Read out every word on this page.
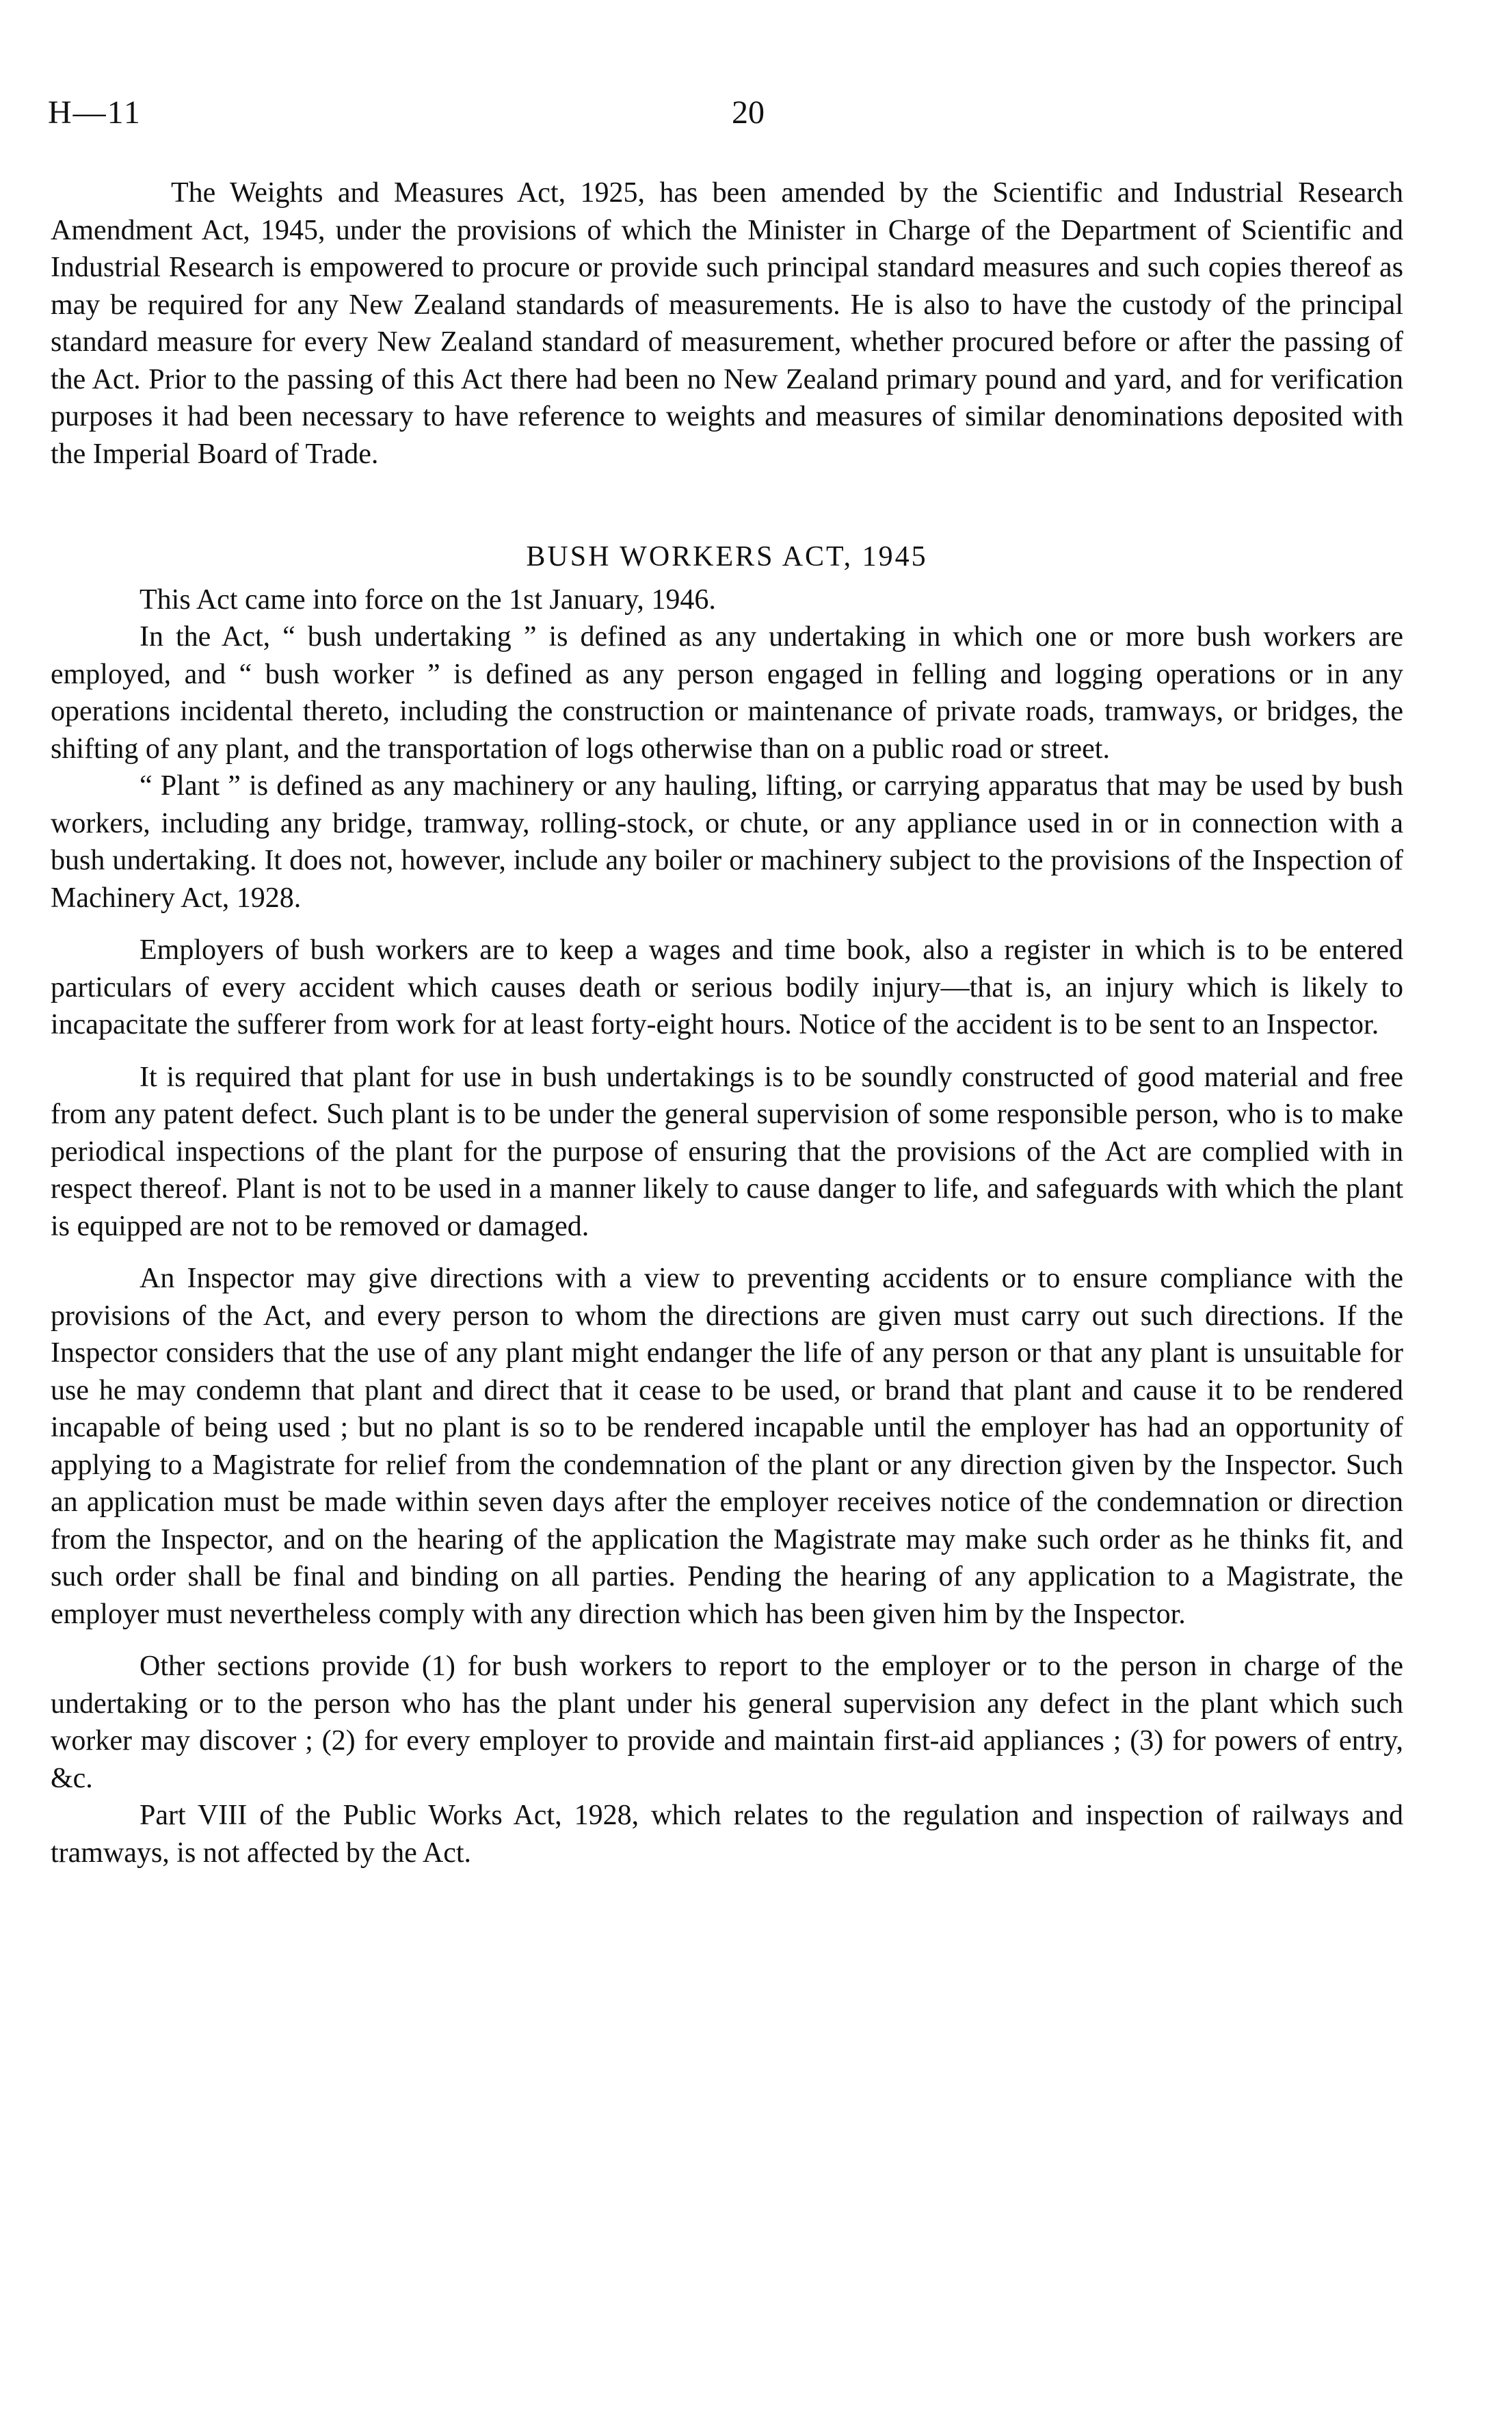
H—11	20

The Weights and Measures Act, 1925, has been amended by the Scientific and Industrial Research Amendment Act, 1945, under the provisions of which the Minister in Charge of the Department of Scientific and Industrial Research is empowered to procure or provide such principal standard measures and such copies thereof as may be required for any New Zealand standards of measurements. He is also to have the custody of the principal standard measure for every New Zealand standard of measurement, whether procured before or after the passing of the Act. Prior to the passing of this Act there had been no New Zealand primary pound and yard, and for verification purposes it had been necessary to have reference to weights and measures of similar denominations deposited with the Imperial Board of Trade.

BUSH WORKERS ACT, 1945

This Act came into force on the 1st January, 1946.

In the Act, “ bush undertaking ” is defined as any undertaking in which one or more bush workers are employed, and “ bush worker ” is defined as any person engaged in felling and logging operations or in any operations incidental thereto, including the construction or maintenance of private roads, tramways, or bridges, the shifting of any plant, and the transportation of logs otherwise than on a public road or street.

“ Plant ” is defined as any machinery or any hauling, lifting, or carrying apparatus that may be used by bush workers, including any bridge, tramway, rolling-stock, or chute, or any appliance used in or in connection with a bush undertaking. It does not, however, include any boiler or machinery subject to the provisions of the Inspection of Machinery Act, 1928.

Employers of bush workers are to keep a wages and time book, also a register in which is to be entered particulars of every accident which causes death or serious bodily injury—that is, an injury which is likely to incapacitate the sufferer from work for at least forty-eight hours. Notice of the accident is to be sent to an Inspector.

It is required that plant for use in bush undertakings is to be soundly constructed of good material and free from any patent defect. Such plant is to be under the general supervision of some responsible person, who is to make periodical inspections of the plant for the purpose of ensuring that the provisions of the Act are complied with in respect thereof. Plant is not to be used in a manner likely to cause danger to life, and safeguards with which the plant is equipped are not to be removed or damaged.

An Inspector may give directions with a view to preventing accidents or to ensure compliance with the provisions of the Act, and every person to whom the directions are given must carry out such directions. If the Inspector considers that the use of any plant might endanger the life of any person or that any plant is unsuitable for use he may condemn that plant and direct that it cease to be used, or brand that plant and cause it to be rendered incapable of being used ; but no plant is so to be rendered incapable until the employer has had an opportunity of applying to a Magistrate for relief from the condemnation of the plant or any direction given by the Inspector. Such an application must be made within seven days after the employer receives notice of the condemnation or direction from the Inspector, and on the hearing of the application the Magistrate may make such order as he thinks fit, and such order shall be final and binding on all parties. Pending the hearing of any application to a Magistrate, the employer must nevertheless comply with any direction which has been given him by the Inspector.

Other sections provide (1) for bush workers to report to the employer or to the person in charge of the undertaking or to the person who has the plant under his general supervision any defect in the plant which such worker may discover ; (2) for every employer to provide and maintain first-aid appliances ; (3) for powers of entry, &c.

Part VIII of the Public Works Act, 1928, which relates to the regulation and inspection of railways and tramways, is not affected by the Act.
